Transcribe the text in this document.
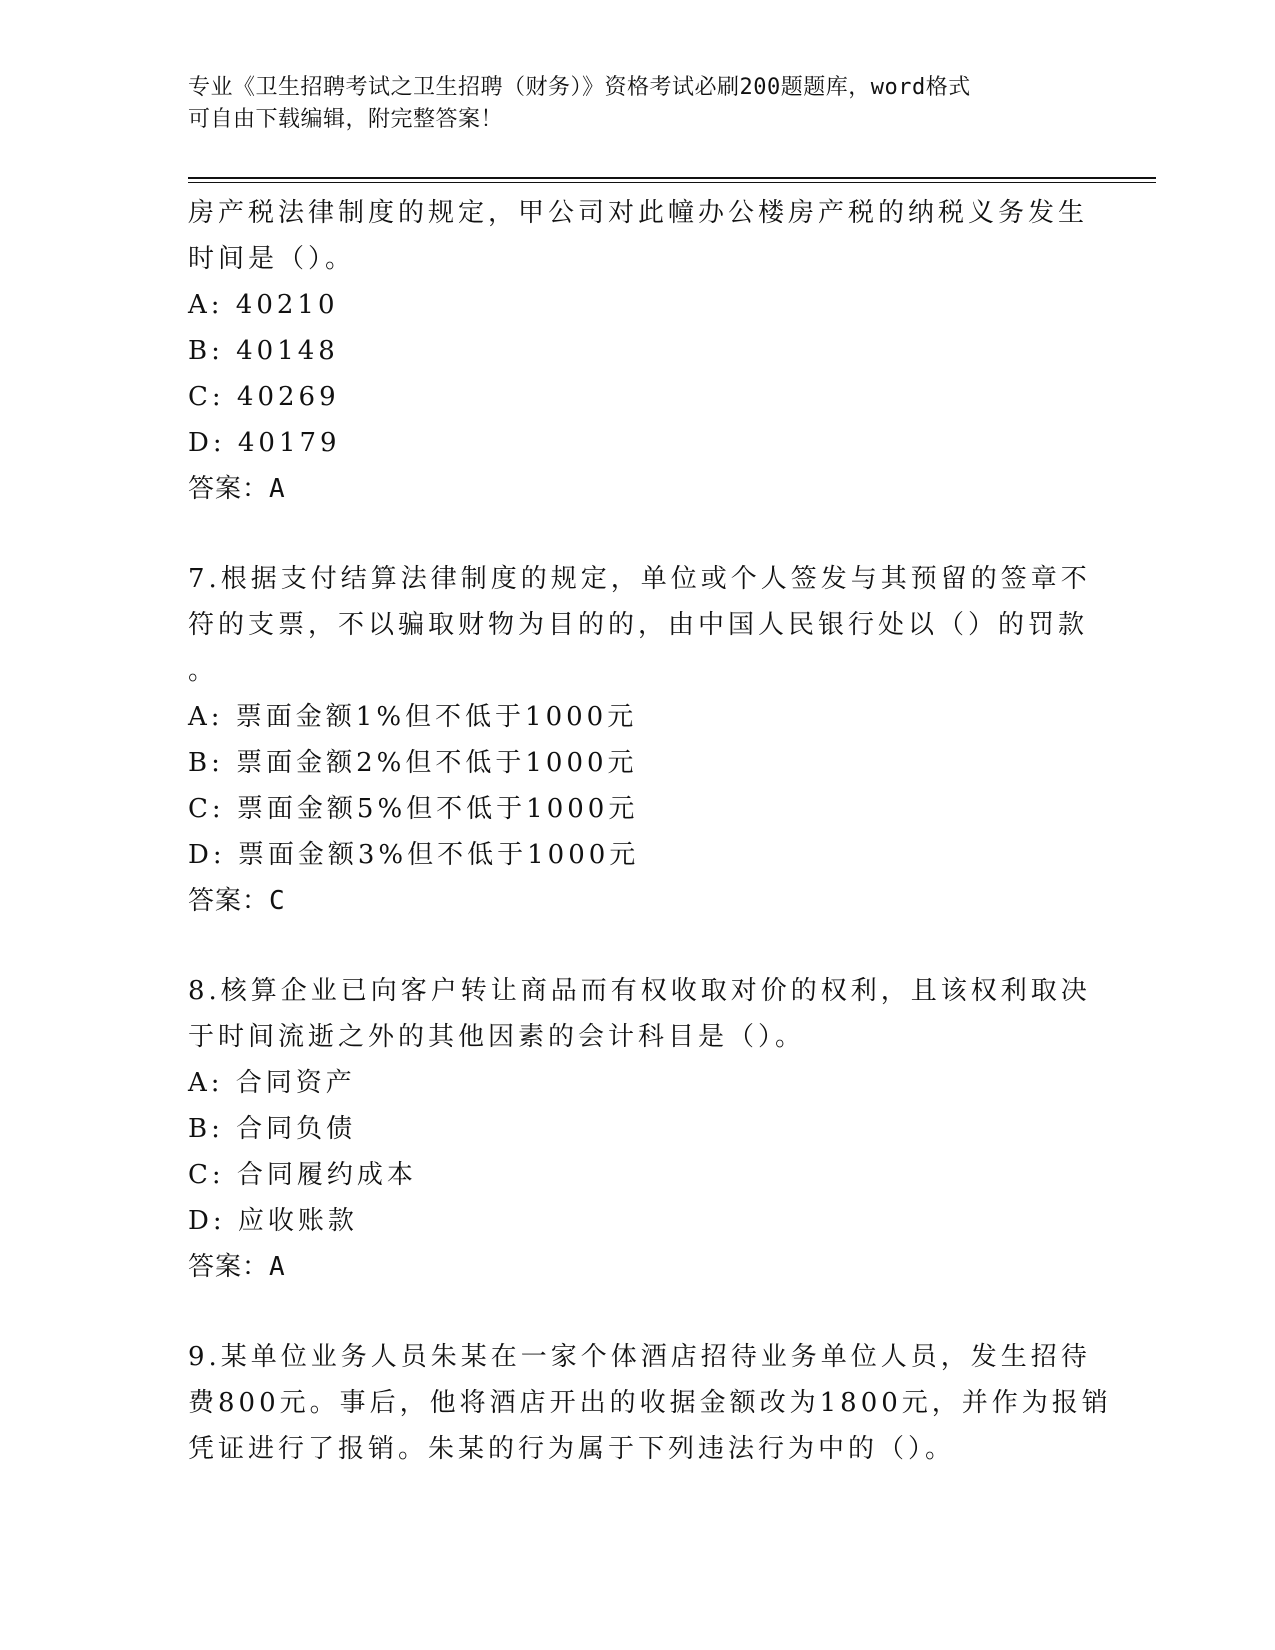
专业《卫生招聘考试之卫生招聘（财务）》资格考试必刷200题题库，word格式
可自由下载编辑，附完整答案！
房产税法律制度的规定，甲公司对此幢办公楼房产税的纳税义务发生
时间是（）。
A: 40210
B: 40148
C: 40269
D: 40179
答案：A
7.根据支付结算法律制度的规定，单位或个人签发与其预留的签章不
符的支票，不以骗取财物为目的的，由中国人民银行处以（）的罚款
。
A: 票面金额1%但不低于1000元
B: 票面金额2%但不低于1000元
C: 票面金额5%但不低于1000元
D: 票面金额3%但不低于1000元
答案：C
8.核算企业已向客户转让商品而有权收取对价的权利，且该权利取决
于时间流逝之外的其他因素的会计科目是（）。
A: 合同资产
B: 合同负债
C: 合同履约成本
D: 应收账款
答案：A
9.某单位业务人员朱某在一家个体酒店招待业务单位人员，发生招待
费800元。事后，他将酒店开出的收据金额改为1800元，并作为报销
凭证进行了报销。朱某的行为属于下列违法行为中的（）。
